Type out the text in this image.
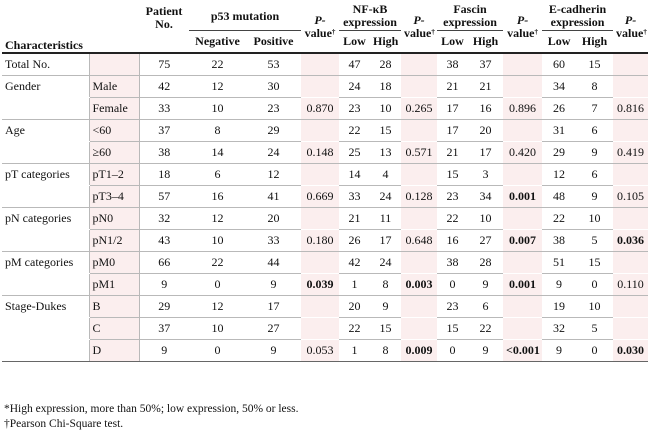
Characteristics		Patient
No.	p53 mutation		P-
value†	NF-κB
expression		P-
value†	Fascin
expression		P-
value†	E-cadherin
expression		P-
value†
			Negative	Positive		Low	High		Low	High		Low	High	
Total No.		75	22	53		47	28		38	37		60	15	
Gender	Male	42	12	30		24	18		21	21		34	8	
	Female	33	10	23	0.870	23	10	0.265	17	16	0.896	26	7	0.816
Age	<60	37	8	29		22	15		17	20		31	6	
	≥60	38	14	24	0.148	25	13	0.571	21	17	0.420	29	9	0.419
pT categories	pT1–2	18	6	12		14	4		15	3		12	6	
	pT3–4	57	16	41	0.669	33	24	0.128	23	34	0.001	48	9	0.105
pN categories	pN0	32	12	20		21	11		22	10		22	10	
	pN1/2	43	10	33	0.180	26	17	0.648	16	27	0.007	38	5	0.036
pM categories	pM0	66	22	44		42	24		38	28		51	15	
	pM1	9	0	9	0.039	1	8	0.003	0	9	0.001	9	0	0.110
Stage-Dukes	B	29	12	17		20	9		23	6		19	10	
	C	37	10	27		22	15		15	22		32	5	
	D	9	0	9	0.053	1	8	0.009	0	9	<0.001	9	0	0.030
*High expression, more than 50%; low expression, 50% or less.
†Pearson Chi-Square test.
